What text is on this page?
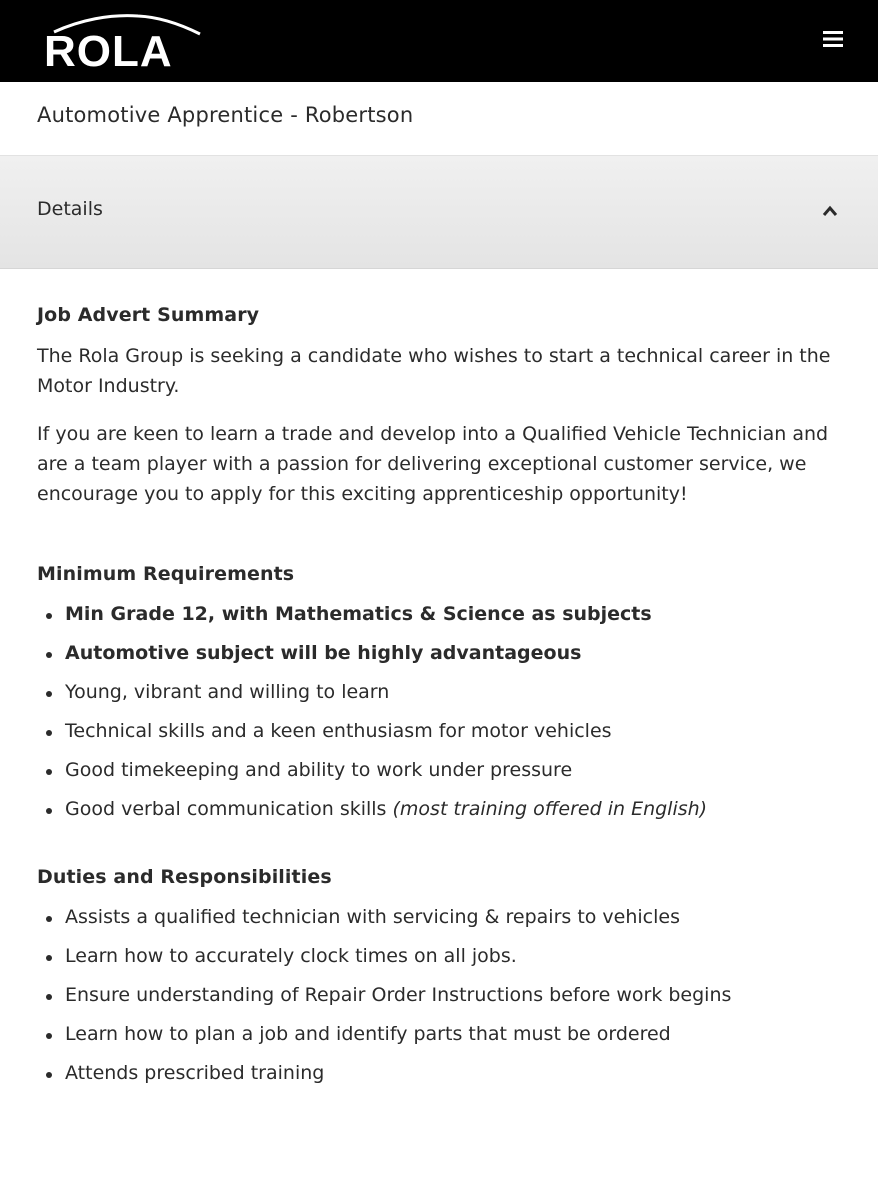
ROLA
Automotive Apprentice - Robertson
Details
Job Advert Summary

The Rola Group is seeking a candidate who wishes to start a technical career in the Motor Industry.

If you are keen to learn a trade and develop into a Qualified Vehicle Technician and are a team player with a passion for delivering exceptional customer service, we encourage you to apply for this exciting apprenticeship opportunity!

Minimum Requirements
Min Grade 12, with Mathematics & Science as subjects
Automotive subject will be highly advantageous
Young, vibrant and willing to learn
Technical skills and a keen enthusiasm for motor vehicles
Good timekeeping and ability to work under pressure
Good verbal communication skills (most training offered in English)
Duties and Responsibilities
Assists a qualified technician with servicing & repairs to vehicles
Learn how to accurately clock times on all jobs.
Ensure understanding of Repair Order Instructions before work begins
Learn how to plan a job and identify parts that must be ordered
Attends prescribed training
